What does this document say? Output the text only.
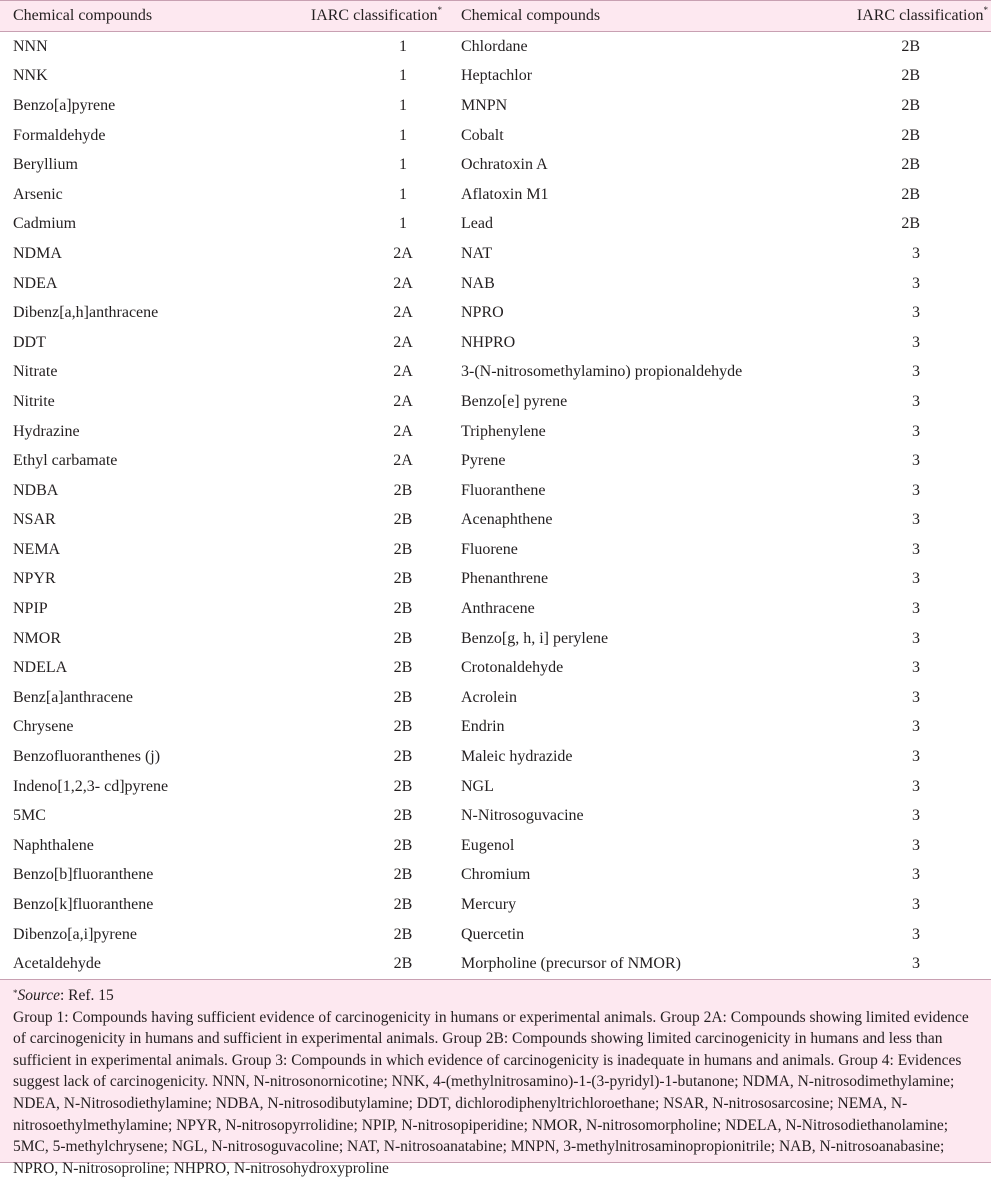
Chemical compounds	IARC classification*	Chemical compounds	IARC classification*
NNN	1	Chlordane	2B
NNK	1	Heptachlor	2B
Benzo[a]pyrene	1	MNPN	2B
Formaldehyde	1	Cobalt	2B
Beryllium	1	Ochratoxin A	2B
Arsenic	1	Aflatoxin M1	2B
Cadmium	1	Lead	2B
NDMA	2A	NAT	3
NDEA	2A	NAB	3
Dibenz[a,h]anthracene	2A	NPRO	3
DDT	2A	NHPRO	3
Nitrate	2A	3-(N-nitrosomethylamino) propionaldehyde	3
Nitrite	2A	Benzo[e] pyrene	3
Hydrazine	2A	Triphenylene	3
Ethyl carbamate	2A	Pyrene	3
NDBA	2B	Fluoranthene	3
NSAR	2B	Acenaphthene	3
NEMA	2B	Fluorene	3
NPYR	2B	Phenanthrene	3
NPIP	2B	Anthracene	3
NMOR	2B	Benzo[g, h, i] perylene	3
NDELA	2B	Crotonaldehyde	3
Benz[a]anthracene	2B	Acrolein	3
Chrysene	2B	Endrin	3
Benzofluoranthenes (j)	2B	Maleic hydrazide	3
Indeno[1,2,3- cd]pyrene	2B	NGL	3
5MC	2B	N-Nitrosoguvacine	3
Naphthalene	2B	Eugenol	3
Benzo[b]fluoranthene	2B	Chromium	3
Benzo[k]fluoranthene	2B	Mercury	3
Dibenzo[a,i]pyrene	2B	Quercetin	3
Acetaldehyde	2B	Morpholine (precursor of NMOR)	3

*Source: Ref. 15

Group 1: Compounds having sufficient evidence of carcinogenicity in humans or experimental animals. Group 2A: Compounds showing limited evidence of carcinogenicity in humans and sufficient in experimental animals. Group 2B: Compounds showing limited carcinogenicity in humans and less than sufficient in experimental animals. Group 3: Compounds in which evidence of carcinogenicity is inadequate in humans and animals. Group 4: Evidences suggest lack of carcinogenicity. NNN, N-nitrosonornicotine; NNK, 4-(methylnitrosamino)-1-(3-pyridyl)-1-butanone; NDMA, N-nitrosodimethylamine; NDEA, N-Nitrosodiethylamine; NDBA, N-nitrosodibutylamine; DDT, dichlorodiphenyltrichloroethane; NSAR, N-nitrososarcosine; NEMA, N-nitrosoethylmethylamine; NPYR, N-nitrosopyrrolidine; NPIP, N-nitrosopiperidine; NMOR, N-nitrosomorpholine; NDELA, N-Nitrosodiethanolamine; 5MC, 5-methylchrysene; NGL, N-nitrosoguvacoline; NAT, N-nitrosoanatabine; MNPN, 3-methylnitrosaminopropionitrile; NAB, N-nitrosoanabasine; NPRO, N-nitrosoproline; NHPRO, N-nitrosohydroxyproline
